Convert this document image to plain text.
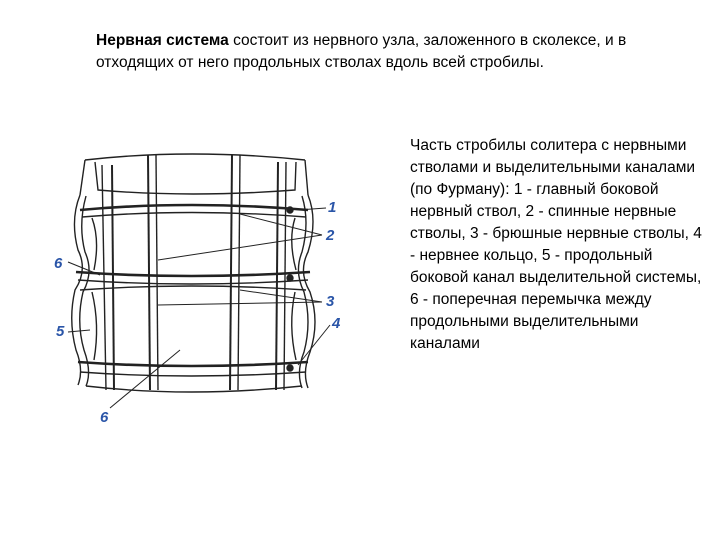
Нервная система состоит из нервного узла, заложенного в сколексе, и в отходящих от него продольных стволах вдоль всей стробилы.
Часть стробилы солитера с нервными стволами и выделительными каналами (по Фурману): 1 - главный боковой нервный ствол, 2 - спинные нервные стволы, 3 - брюшные нервные стволы, 4 - нервнее кольцо, 5 - продольный боковой канал выделительной системы, 6 - поперечная перемычка между продольными выделительными каналами
1
2
6
3
4
5
6
